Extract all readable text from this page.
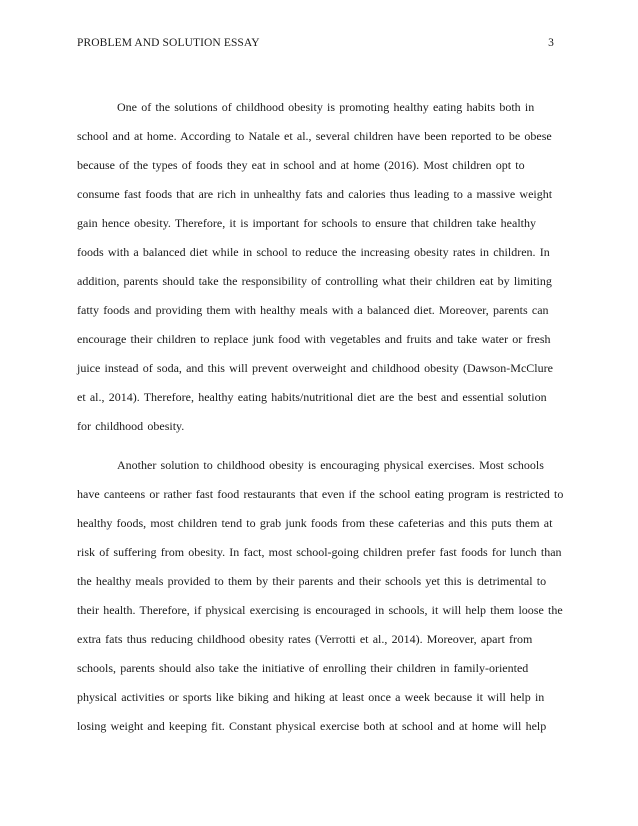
PROBLEM AND SOLUTION ESSAY	3

One of the solutions of childhood obesity is promoting healthy eating habits both in
school and at home. According to Natale et al., several children have been reported to be obese
because of the types of foods they eat in school and at home (2016). Most children opt to
consume fast foods that are rich in unhealthy fats and calories thus leading to a massive weight
gain hence obesity. Therefore, it is important for schools to ensure that children take healthy
foods with a balanced diet while in school to reduce the increasing obesity rates in children. In
addition, parents should take the responsibility of controlling what their children eat by limiting
fatty foods and providing them with healthy meals with a balanced diet. Moreover, parents can
encourage their children to replace junk food with vegetables and fruits and take water or fresh
juice instead of soda, and this will prevent overweight and childhood obesity (Dawson-McClure
et al., 2014). Therefore, healthy eating habits/nutritional diet are the best and essential solution
for childhood obesity.

Another solution to childhood obesity is encouraging physical exercises. Most schools
have canteens or rather fast food restaurants that even if the school eating program is restricted to
healthy foods, most children tend to grab junk foods from these cafeterias and this puts them at
risk of suffering from obesity. In fact, most school-going children prefer fast foods for lunch than
the healthy meals provided to them by their parents and their schools yet this is detrimental to
their health. Therefore, if physical exercising is encouraged in schools, it will help them loose the
extra fats thus reducing childhood obesity rates (Verrotti et al., 2014). Moreover, apart from
schools, parents should also take the initiative of enrolling their children in family-oriented
physical activities or sports like biking and hiking at least once a week because it will help in
losing weight and keeping fit. Constant physical exercise both at school and at home will help
